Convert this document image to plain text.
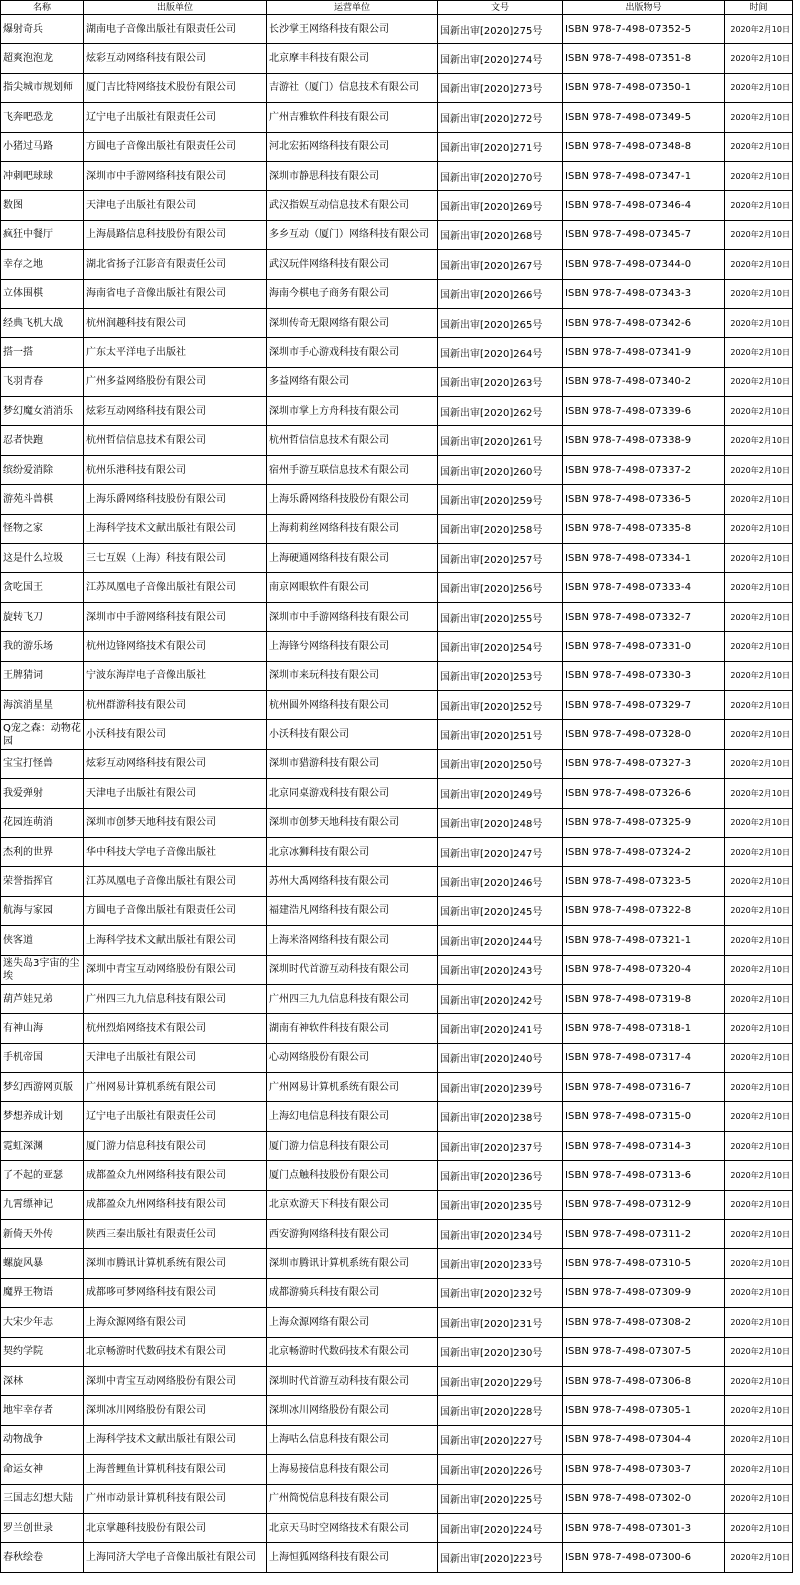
名称	出版单位	运营单位	文号	出版物号	时间
爆射奇兵	湖南电子音像出版社有限责任公司	长沙掌王网络科技有限公司	国新出审[2020]275号	ISBN 978-7-498-07352-5	2020年2月10日
超爽泡泡龙	炫彩互动网络科技有限公司	北京摩丰科技有限公司	国新出审[2020]274号	ISBN 978-7-498-07351-8	2020年2月10日
指尖城市规划师	厦门吉比特网络技术股份有限公司	吉游社（厦门）信息技术有限公司	国新出审[2020]273号	ISBN 978-7-498-07350-1	2020年2月10日
飞奔吧恐龙	辽宁电子出版社有限责任公司	广州吉雅软件科技有限公司	国新出审[2020]272号	ISBN 978-7-498-07349-5	2020年2月10日
小猪过马路	方圆电子音像出版社有限责任公司	河北宏拓网络科技有限公司	国新出审[2020]271号	ISBN 978-7-498-07348-8	2020年2月10日
冲刺吧球球	深圳市中手游网络科技有限公司	深圳市静思科技有限公司	国新出审[2020]270号	ISBN 978-7-498-07347-1	2020年2月10日
数图	天津电子出版社有限公司	武汉指娱互动信息技术有限公司	国新出审[2020]269号	ISBN 978-7-498-07346-4	2020年2月10日
疯狂中餐厅	上海晨路信息科技股份有限公司	多乡互动（厦门）网络科技有限公司	国新出审[2020]268号	ISBN 978-7-498-07345-7	2020年2月10日
幸存之地	湖北省扬子江影音有限责任公司	武汉玩伴网络科技有限公司	国新出审[2020]267号	ISBN 978-7-498-07344-0	2020年2月10日
立体围棋	海南省电子音像出版社有限公司	海南今棋电子商务有限公司	国新出审[2020]266号	ISBN 978-7-498-07343-3	2020年2月10日
经典飞机大战	杭州润趣科技有限公司	深圳传奇无限网络有限公司	国新出审[2020]265号	ISBN 978-7-498-07342-6	2020年2月10日
搭一搭	广东太平洋电子出版社	深圳市手心游戏科技有限公司	国新出审[2020]264号	ISBN 978-7-498-07341-9	2020年2月10日
飞羽青春	广州多益网络股份有限公司	多益网络有限公司	国新出审[2020]263号	ISBN 978-7-498-07340-2	2020年2月10日
梦幻魔女消消乐	炫彩互动网络科技有限公司	深圳市掌上方舟科技有限公司	国新出审[2020]262号	ISBN 978-7-498-07339-6	2020年2月10日
忍者快跑	杭州哲信信息技术有限公司	杭州哲信信息技术有限公司	国新出审[2020]261号	ISBN 978-7-498-07338-9	2020年2月10日
缤纷爱消除	杭州乐港科技有限公司	宿州手游互联信息技术有限公司	国新出审[2020]260号	ISBN 978-7-498-07337-2	2020年2月10日
游苑斗兽棋	上海乐爵网络科技股份有限公司	上海乐爵网络科技股份有限公司	国新出审[2020]259号	ISBN 978-7-498-07336-5	2020年2月10日
怪物之家	上海科学技术文献出版社有限公司	上海莉莉丝网络科技有限公司	国新出审[2020]258号	ISBN 978-7-498-07335-8	2020年2月10日
这是什么垃圾	三七互娱（上海）科技有限公司	上海硬通网络科技有限公司	国新出审[2020]257号	ISBN 978-7-498-07334-1	2020年2月10日
贪吃国王	江苏凤凰电子音像出版社有限公司	南京网眼软件有限公司	国新出审[2020]256号	ISBN 978-7-498-07333-4	2020年2月10日
旋转飞刀	深圳市中手游网络科技有限公司	深圳市中手游网络科技有限公司	国新出审[2020]255号	ISBN 978-7-498-07332-7	2020年2月10日
我的游乐场	杭州边锋网络技术有限公司	上海锋兮网络科技有限公司	国新出审[2020]254号	ISBN 978-7-498-07331-0	2020年2月10日
王牌猜词	宁波东海岸电子音像出版社	深圳市来玩科技有限公司	国新出审[2020]253号	ISBN 978-7-498-07330-3	2020年2月10日
海滨消星星	杭州群游科技有限公司	杭州圆外网络科技有限公司	国新出审[2020]252号	ISBN 978-7-498-07329-7	2020年2月10日
Q宠之森：动物花园	小沃科技有限公司	小沃科技有限公司	国新出审[2020]251号	ISBN 978-7-498-07328-0	2020年2月10日
宝宝打怪兽	炫彩互动网络科技有限公司	深圳市猎游科技有限公司	国新出审[2020]250号	ISBN 978-7-498-07327-3	2020年2月10日
我爱弹射	天津电子出版社有限公司	北京同桌游戏科技有限公司	国新出审[2020]249号	ISBN 978-7-498-07326-6	2020年2月10日
花园连萌消	深圳市创梦天地科技有限公司	深圳市创梦天地科技有限公司	国新出审[2020]248号	ISBN 978-7-498-07325-9	2020年2月10日
杰利的世界	华中科技大学电子音像出版社	北京冰狮科技有限公司	国新出审[2020]247号	ISBN 978-7-498-07324-2	2020年2月10日
荣誉指挥官	江苏凤凰电子音像出版社有限公司	苏州大禹网络科技有限公司	国新出审[2020]246号	ISBN 978-7-498-07323-5	2020年2月10日
航海与家园	方圆电子音像出版社有限责任公司	福建浩凡网络科技有限公司	国新出审[2020]245号	ISBN 978-7-498-07322-8	2020年2月10日
侠客道	上海科学技术文献出版社有限公司	上海米洛网络科技有限公司	国新出审[2020]244号	ISBN 978-7-498-07321-1	2020年2月10日
迷失岛3宇宙的尘埃	深圳中青宝互动网络股份有限公司	深圳时代首游互动科技有限公司	国新出审[2020]243号	ISBN 978-7-498-07320-4	2020年2月10日
葫芦娃兄弟	广州四三九九信息科技有限公司	广州四三九九信息科技有限公司	国新出审[2020]242号	ISBN 978-7-498-07319-8	2020年2月10日
有神山海	杭州烈焰网络技术有限公司	湖南有神软件科技有限公司	国新出审[2020]241号	ISBN 978-7-498-07318-1	2020年2月10日
手机帝国	天津电子出版社有限公司	心动网络股份有限公司	国新出审[2020]240号	ISBN 978-7-498-07317-4	2020年2月10日
梦幻西游网页版	广州网易计算机系统有限公司	广州网易计算机系统有限公司	国新出审[2020]239号	ISBN 978-7-498-07316-7	2020年2月10日
梦想养成计划	辽宁电子出版社有限责任公司	上海幻电信息科技有限公司	国新出审[2020]238号	ISBN 978-7-498-07315-0	2020年2月10日
霓虹深渊	厦门游力信息科技有限公司	厦门游力信息科技有限公司	国新出审[2020]237号	ISBN 978-7-498-07314-3	2020年2月10日
了不起的亚瑟	成都盈众九州网络科技有限公司	厦门点触科技股份有限公司	国新出审[2020]236号	ISBN 978-7-498-07313-6	2020年2月10日
九霄缥神记	成都盈众九州网络科技有限公司	北京欢游天下科技有限公司	国新出审[2020]235号	ISBN 978-7-498-07312-9	2020年2月10日
新倚天外传	陕西三秦出版社有限责任公司	西安游狗网络科技有限公司	国新出审[2020]234号	ISBN 978-7-498-07311-2	2020年2月10日
螺旋风暴	深圳市腾讯计算机系统有限公司	深圳市腾讯计算机系统有限公司	国新出审[2020]233号	ISBN 978-7-498-07310-5	2020年2月10日
魔界王物语	成都哆可梦网络科技有限公司	成都游骑兵科技有限公司	国新出审[2020]232号	ISBN 978-7-498-07309-9	2020年2月10日
大宋少年志	上海众源网络有限公司	上海众源网络有限公司	国新出审[2020]231号	ISBN 978-7-498-07308-2	2020年2月10日
契约学院	北京畅游时代数码技术有限公司	北京畅游时代数码技术有限公司	国新出审[2020]230号	ISBN 978-7-498-07307-5	2020年2月10日
深林	深圳中青宝互动网络股份有限公司	深圳时代首游互动科技有限公司	国新出审[2020]229号	ISBN 978-7-498-07306-8	2020年2月10日
地牢幸存者	深圳冰川网络股份有限公司	深圳冰川网络股份有限公司	国新出审[2020]228号	ISBN 978-7-498-07305-1	2020年2月10日
动物战争	上海科学技术文献出版社有限公司	上海咕么信息科技有限公司	国新出审[2020]227号	ISBN 978-7-498-07304-4	2020年2月10日
命运女神	上海普鲤鱼计算机科技有限公司	上海易接信息科技有限公司	国新出审[2020]226号	ISBN 978-7-498-07303-7	2020年2月10日
三国志幻想大陆	广州市动景计算机科技有限公司	广州简悦信息科技有限公司	国新出审[2020]225号	ISBN 978-7-498-07302-0	2020年2月10日
罗兰创世录	北京掌趣科技股份有限公司	北京天马时空网络技术有限公司	国新出审[2020]224号	ISBN 978-7-498-07301-3	2020年2月10日
春秋绘卷	上海同济大学电子音像出版社有限公司	上海恒狐网络科技有限公司	国新出审[2020]223号	ISBN 978-7-498-07300-6	2020年2月10日
